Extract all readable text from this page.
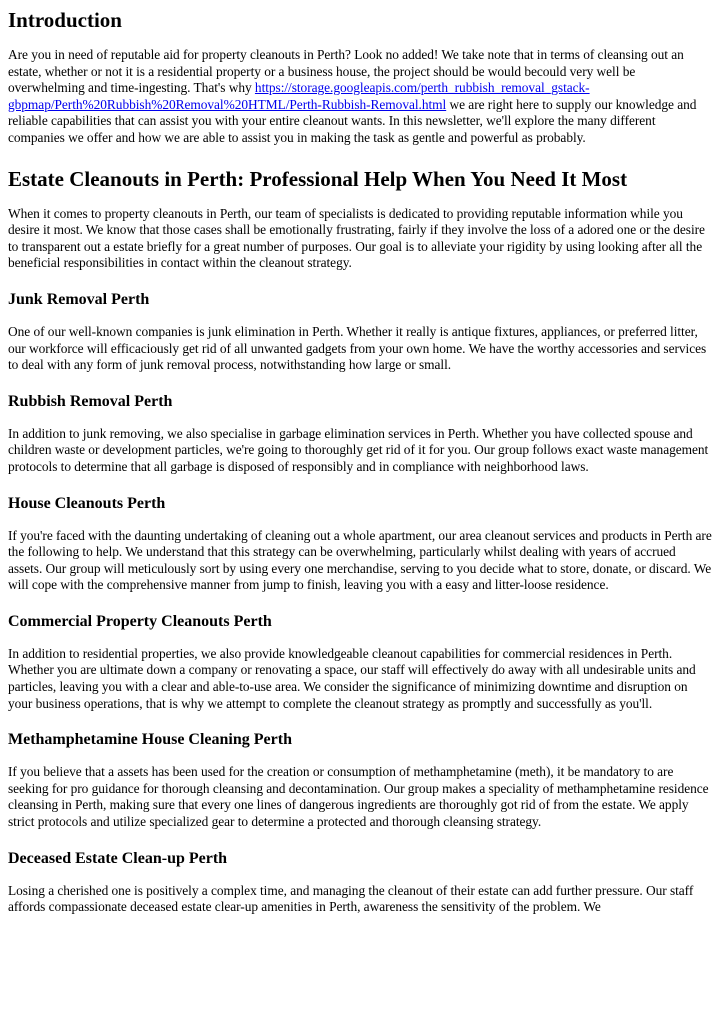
Introduction

Are you in need of reputable aid for property cleanouts in Perth? Look no added! We take note that in terms of cleansing out an estate, whether or not it is a residential property or a business house, the project should be would becould very well be overwhelming and time-ingesting. That's why https://storage.googleapis.com/perth_rubbish_removal_gstack-gbpmap/Perth%20Rubbish%20Removal%20HTML/Perth-Rubbish-Removal.html we are right here to supply our knowledge and reliable capabilities that can assist you with your entire cleanout wants. In this newsletter, we'll explore the many different companies we offer and how we are able to assist you in making the task as gentle and powerful as probably.

Estate Cleanouts in Perth: Professional Help When You Need It Most

When it comes to property cleanouts in Perth, our team of specialists is dedicated to providing reputable information while you desire it most. We know that those cases shall be emotionally frustrating, fairly if they involve the loss of a adored one or the desire to transparent out a estate briefly for a great number of purposes. Our goal is to alleviate your rigidity by using looking after all the beneficial responsibilities in contact within the cleanout strategy.

Junk Removal Perth

One of our well-known companies is junk elimination in Perth. Whether it really is antique fixtures, appliances, or preferred litter, our workforce will efficaciously get rid of all unwanted gadgets from your own home. We have the worthy accessories and services to deal with any form of junk removal process, notwithstanding how large or small.

Rubbish Removal Perth

In addition to junk removing, we also specialise in garbage elimination services in Perth. Whether you have collected spouse and children waste or development particles, we're going to thoroughly get rid of it for you. Our group follows exact waste management protocols to determine that all garbage is disposed of responsibly and in compliance with neighborhood laws.

House Cleanouts Perth

If you're faced with the daunting undertaking of cleaning out a whole apartment, our area cleanout services and products in Perth are the following to help. We understand that this strategy can be overwhelming, particularly whilst dealing with years of accrued assets. Our group will meticulously sort by using every one merchandise, serving to you decide what to store, donate, or discard. We will cope with the comprehensive manner from jump to finish, leaving you with a easy and litter-loose residence.

Commercial Property Cleanouts Perth

In addition to residential properties, we also provide knowledgeable cleanout capabilities for commercial residences in Perth. Whether you are ultimate down a company or renovating a space, our staff will effectively do away with all undesirable units and particles, leaving you with a clear and able-to-use area. We consider the significance of minimizing downtime and disruption on your business operations, that is why we attempt to complete the cleanout strategy as promptly and successfully as you'll.

Methamphetamine House Cleaning Perth

If you believe that a assets has been used for the creation or consumption of methamphetamine (meth), it be mandatory to are seeking for pro guidance for thorough cleansing and decontamination. Our group makes a speciality of methamphetamine residence cleansing in Perth, making sure that every one lines of dangerous ingredients are thoroughly got rid of from the estate. We apply strict protocols and utilize specialized gear to determine a protected and thorough cleansing strategy.

Deceased Estate Clean-up Perth

Losing a cherished one is positively a complex time, and managing the cleanout of their estate can add further pressure. Our staff affords compassionate deceased estate clear-up amenities in Perth, awareness the sensitivity of the problem. We
